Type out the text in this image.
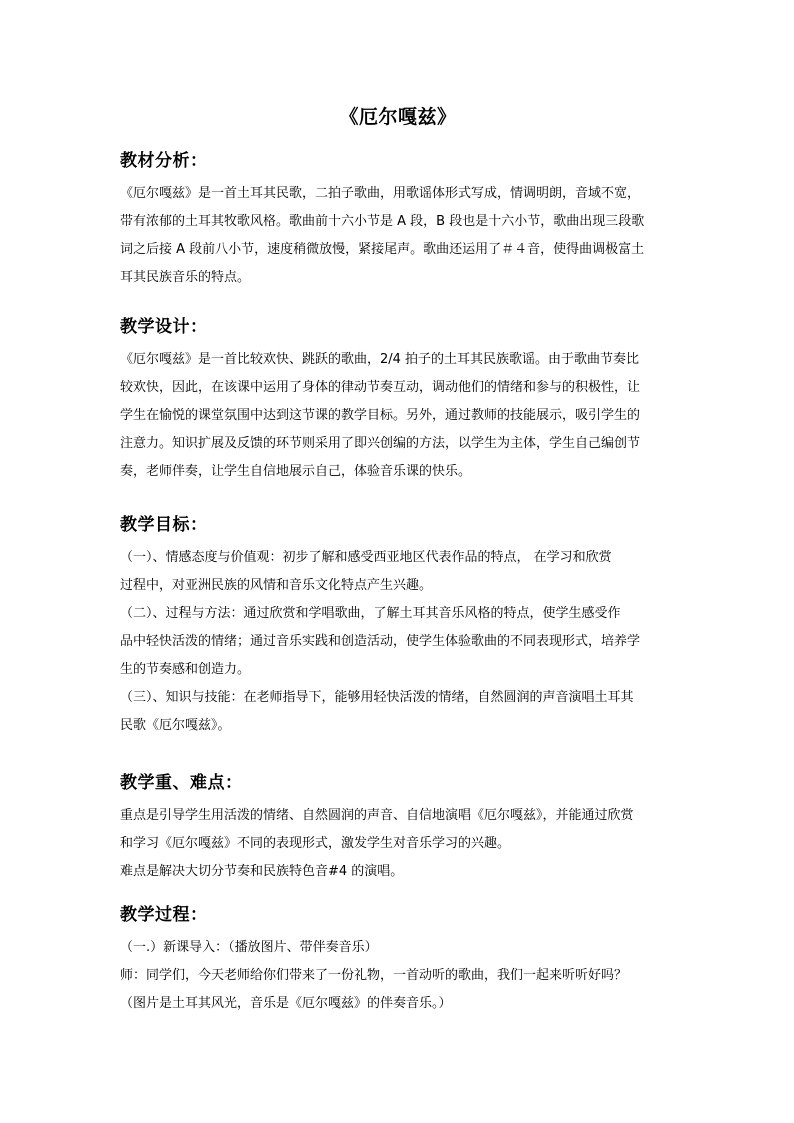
《厄尔嘎兹》
教材分析：
《厄尔嘎兹》是一首土耳其民歌，二拍子歌曲，用歌谣体形式写成，情调明朗，音域不宽，
带有浓郁的土耳其牧歌风格。歌曲前十六小节是 A 段，B 段也是十六小节，歌曲出现三段歌
词之后接 A 段前八小节，速度稍微放慢，紧接尾声。歌曲还运用了＃４音，使得曲调极富土
耳其民族音乐的特点。
教学设计：
《厄尔嘎兹》是一首比较欢快、跳跃的歌曲，2/4 拍子的土耳其民族歌谣。由于歌曲节奏比
较欢快，因此，在该课中运用了身体的律动节奏互动，调动他们的情绪和参与的积极性，让
学生在愉悦的课堂氛围中达到这节课的教学目标。另外，通过教师的技能展示，吸引学生的
注意力。知识扩展及反馈的环节则采用了即兴创编的方法，以学生为主体，学生自己编创节
奏，老师伴奏，让学生自信地展示自己，体验音乐课的快乐。
教学目标：
（一）、情感态度与价值观：初步了解和感受西亚地区代表作品的特点， 在学习和欣赏
过程中，对亚洲民族的风情和音乐文化特点产生兴趣。
（二）、过程与方法：通过欣赏和学唱歌曲，了解土耳其音乐风格的特点，使学生感受作
品中轻快活泼的情绪；通过音乐实践和创造活动，使学生体验歌曲的不同表现形式，培养学
生的节奏感和创造力。
（三）、知识与技能：在老师指导下，能够用轻快活泼的情绪，自然圆润的声音演唱土耳其
民歌《厄尔嘎兹》。
教学重、难点：
重点是引导学生用活泼的情绪、自然圆润的声音、自信地演唱《厄尔嘎兹》，并能通过欣赏
和学习《厄尔嘎兹》不同的表现形式，激发学生对音乐学习的兴趣。
难点是解决大切分节奏和民族特色音#4 的演唱。
教学过程：
（一.）新课导入：（播放图片、带伴奏音乐）
师：同学们，今天老师给你们带来了一份礼物，一首动听的歌曲，我们一起来听听好吗？
（图片是土耳其风光，音乐是《厄尔嘎兹》的伴奏音乐。）
